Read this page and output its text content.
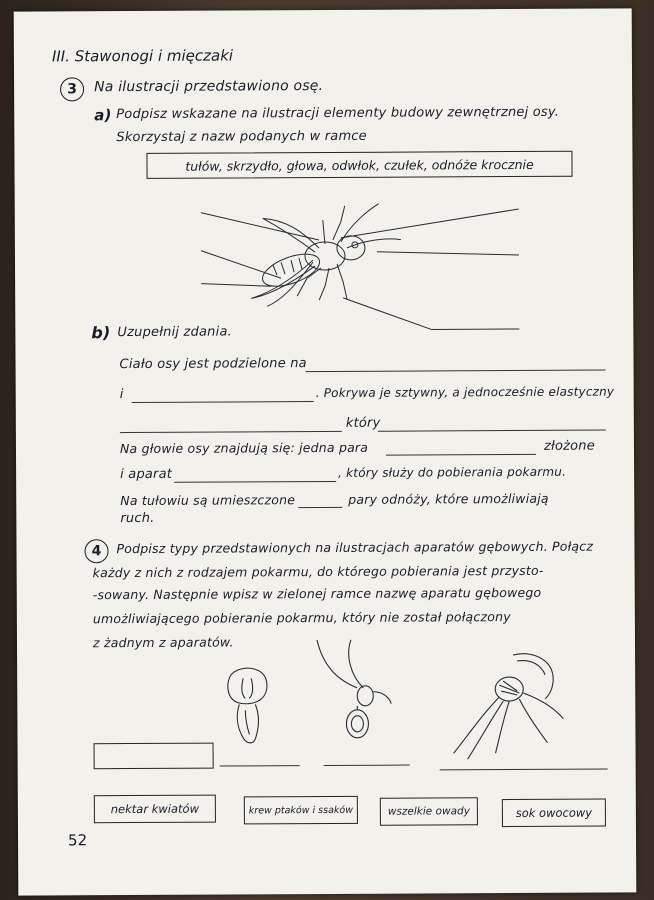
III. Stawonogi i mięczaki
3	Na ilustracji przedstawiono osę.
a) Podpisz wskazane na ilustracji elementy budowy zewnętrznej osy.
Skorzystaj z nazw podanych w ramce
tułów, skrzydło, głowa, odwłok, czułek, odnóże krocznie
b) Uzupełnij zdania.
Ciało osy jest podzielone na
i	. Pokrywa je sztywny, a jednocześnie elastyczny
który
Na głowie osy znajdują się: jedna para	złożone
i aparat	, który służy do pobierania pokarmu.
Na tułowiu są umieszczone	pary odnóży, które umożliwiają
ruch.
4	Podpisz typy przedstawionych na ilustracjach aparatów gębowych. Połącz
każdy z nich z rodzajem pokarmu, do którego pobierania jest przysto-
-sowany. Następnie wpisz w zielonej ramce nazwę aparatu gębowego
umożliwiającego pobieranie pokarmu, który nie został połączony
z żadnym z aparatów.
nektar kwiatów	krew ptaków i ssaków	wszelkie owady	sok owocowy
52
